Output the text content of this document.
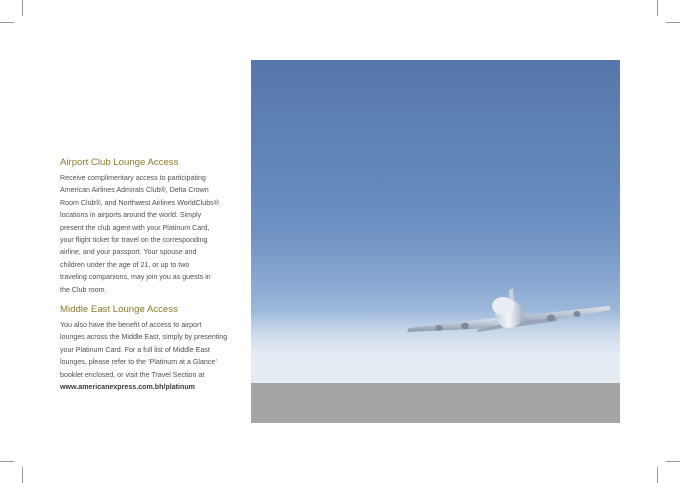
Airport Club Lounge Access

Receive complimentary access to participating
American Airlines Admirals Club®, Delta Crown
Room Club®, and Northwest Airlines WorldClubs®
locations in airports around the world. Simply
present the club agent with your Platinum Card,
your flight ticket for travel on the corresponding
airline, and your passport. Your spouse and
children under the age of 21, or up to two
traveling companions, may join you as guests in
the Club room.

Middle East Lounge Access

You also have the benefit of access to airport
lounges across the Middle East, simply by presenting
your Platinum Card. For a full list of Middle East
lounges, please refer to the ‘Platinum at a Glance’
booklet enclosed, or visit the Travel Section at
www.americanexpress.com.bh/platinum
